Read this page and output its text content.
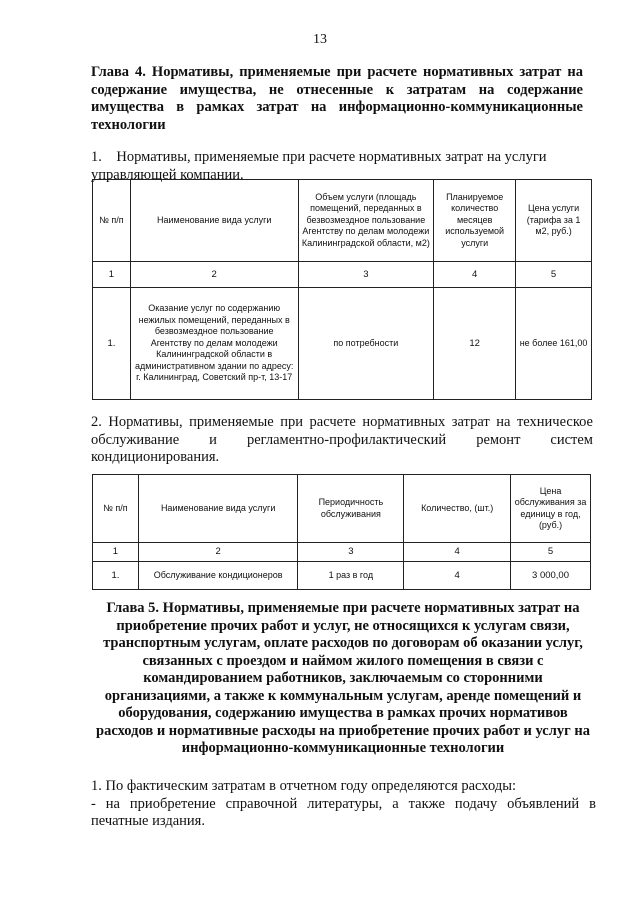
13
Глава 4. Нормативы, применяемые при расчете нормативных затрат на содержание имущества, не отнесенные к затратам на содержание имущества в рамках затрат на информационно-коммуникационные технологии
1.    Нормативы, применяемые при расчете нормативных затрат на услуги управляющей компании.
№ п/п	Наименование вида услуги	Объем услуги (площадь помещений, переданных в безвозмездное пользование Агентству по делам молодежи Калининградской области, м2)	Планируемое количество месяцев используемой услуги	Цена услуги (тарифа за 1 м2, руб.)
1	2	3	4	5
1.	Оказание услуг по содержанию нежилых помещений, переданных в безвозмездное пользование Агентству по делам молодежи Калининградской области в административном здании по адресу: г. Калининград, Советский пр-т, 13-17	по потребности	12	не более 161,00
2. Нормативы, применяемые при расчете нормативных затрат на техническое обслуживание и регламентно-профилактический ремонт систем кондиционирования.
№ п/п	Наименование вида услуги	Периодичность обслуживания	Количество, (шт.)	Цена обслуживания за единицу в год, (руб.)
1	2	3	4	5
1.	Обслуживание кондиционеров	1 раз в год	4	3 000,00
Глава 5. Нормативы, применяемые при расчете нормативных затрат на приобретение прочих работ и услуг, не относящихся к услугам связи, транспортным услугам, оплате расходов по договорам об оказании услуг, связанных с проездом и наймом жилого помещения в связи с командированием работников, заключаемым со сторонними организациями, а также к коммунальным услугам, аренде помещений и оборудования, содержанию имущества в рамках прочих нормативов расходов и нормативные расходы на приобретение прочих работ и услуг на информационно-коммуникационные технологии
1. По фактическим затратам в отчетном году определяются расходы:
- на приобретение справочной литературы, а также подачу объявлений в печатные издания.
